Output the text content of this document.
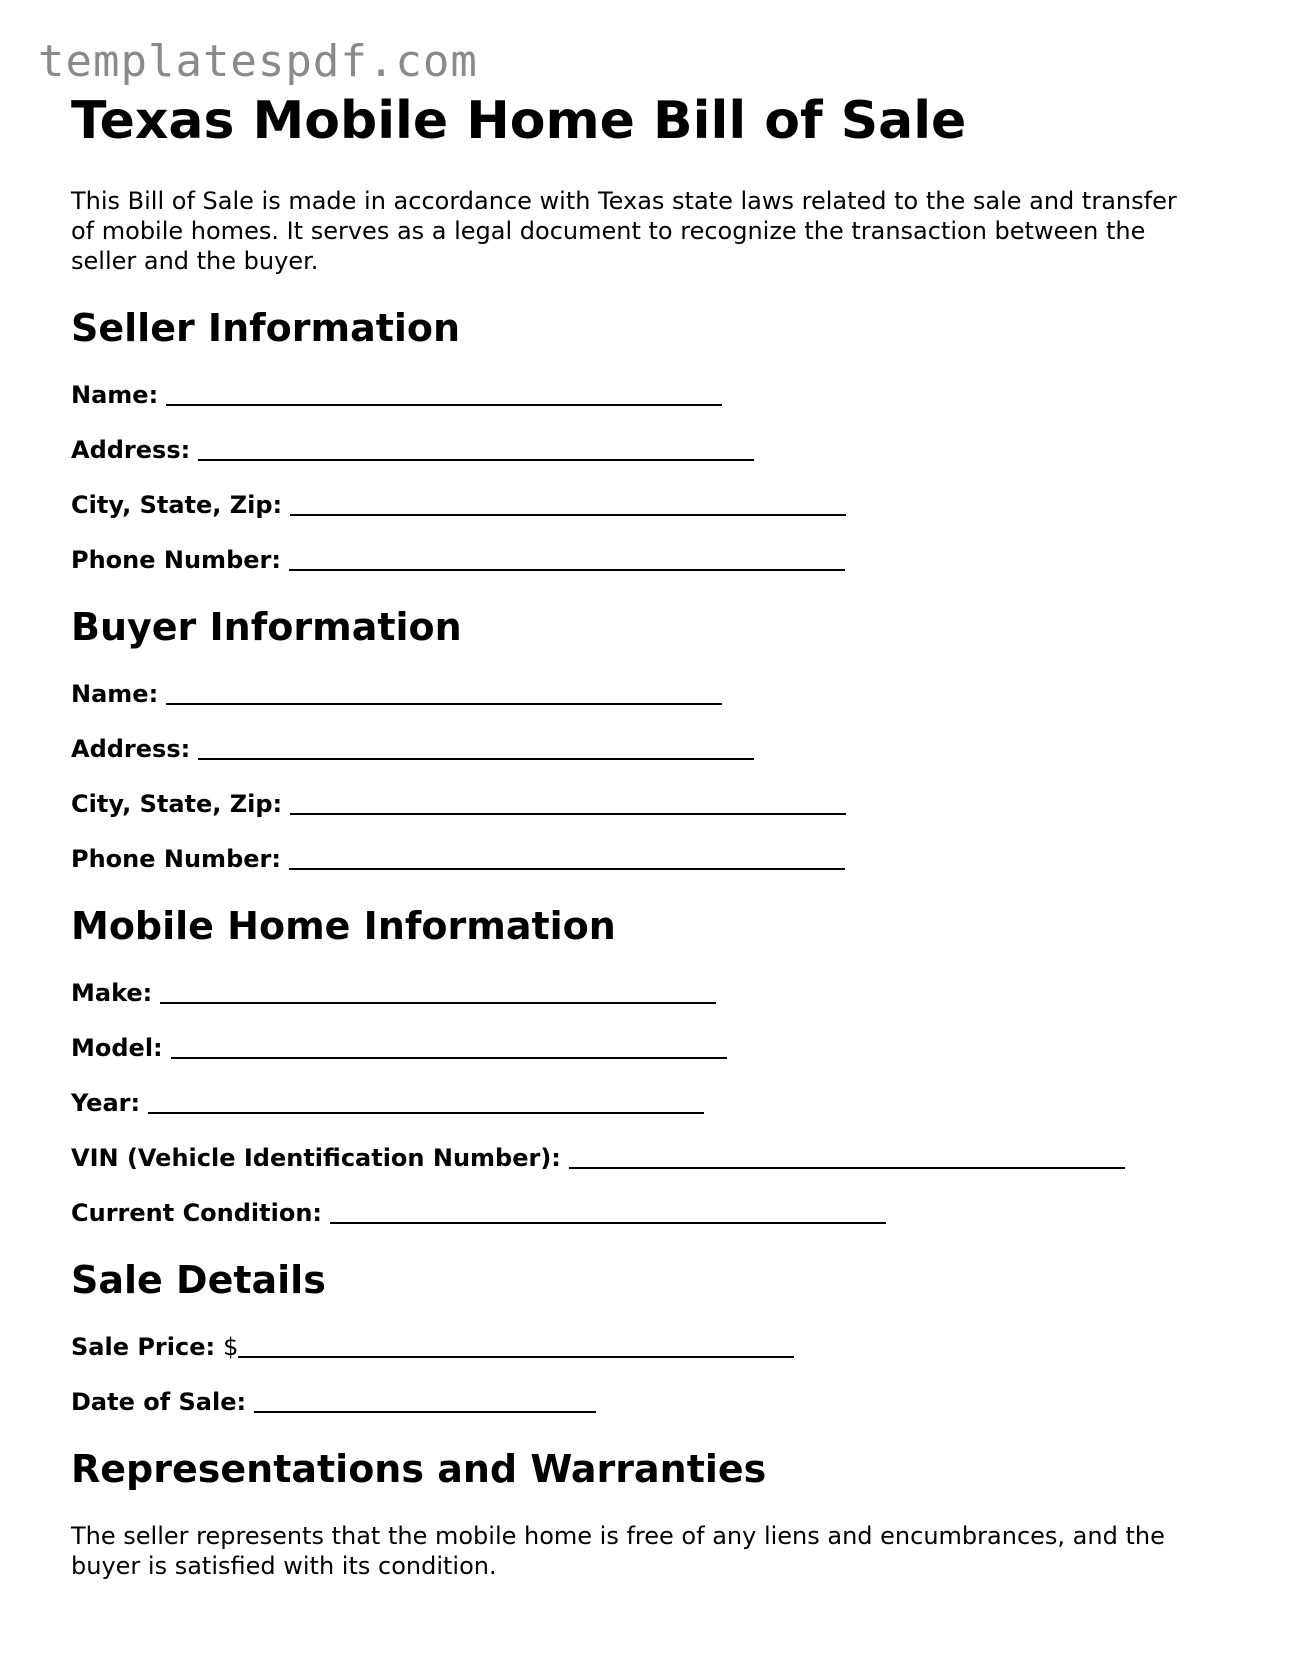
templatespdf.com
Texas Mobile Home Bill of Sale

This Bill of Sale is made in accordance with Texas state laws related to the sale and transfer of mobile homes. It serves as a legal document to recognize the transaction between the seller and the buyer.

Seller Information
Name:
Address:
City, State, Zip:
Phone Number:
Buyer Information
Name:
Address:
City, State, Zip:
Phone Number:
Mobile Home Information
Make:
Model:
Year:
VIN (Vehicle Identification Number):
Current Condition:
Sale Details
Sale Price: $
Date of Sale:
Representations and Warranties

The seller represents that the mobile home is free of any liens and encumbrances, and the buyer is satisfied with its condition.
